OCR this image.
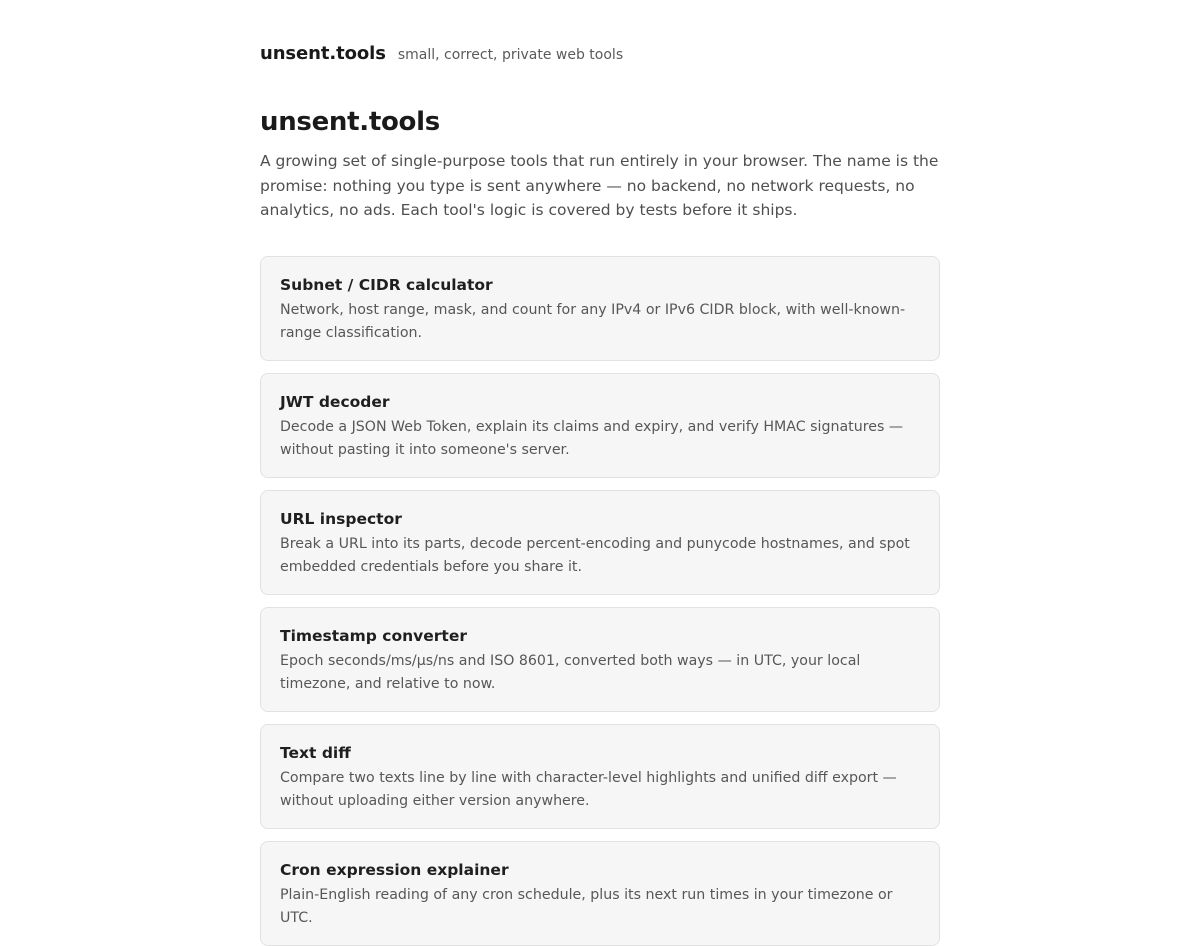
unsent.tools small, correct, private web tools
unsent.tools

A growing set of single-purpose tools that run entirely in your browser. The name is the promise: nothing you type is sent anywhere — no backend, no network requests, no analytics, no ads. Each tool's logic is covered by tests before it ships.

Subnet / CIDR calculator
Network, host range, mask, and count for any IPv4 or IPv6 CIDR block, with well-known-range classification.
JWT decoder
Decode a JSON Web Token, explain its claims and expiry, and verify HMAC signatures — without pasting it into someone's server.
URL inspector
Break a URL into its parts, decode percent-encoding and punycode hostnames, and spot embedded credentials before you share it.
Timestamp converter
Epoch seconds/ms/μs/ns and ISO 8601, converted both ways — in UTC, your local timezone, and relative to now.
Text diff
Compare two texts line by line with character-level highlights and unified diff export — without uploading either version anywhere.
Cron expression explainer
Plain-English reading of any cron schedule, plus its next run times in your timezone or UTC.
